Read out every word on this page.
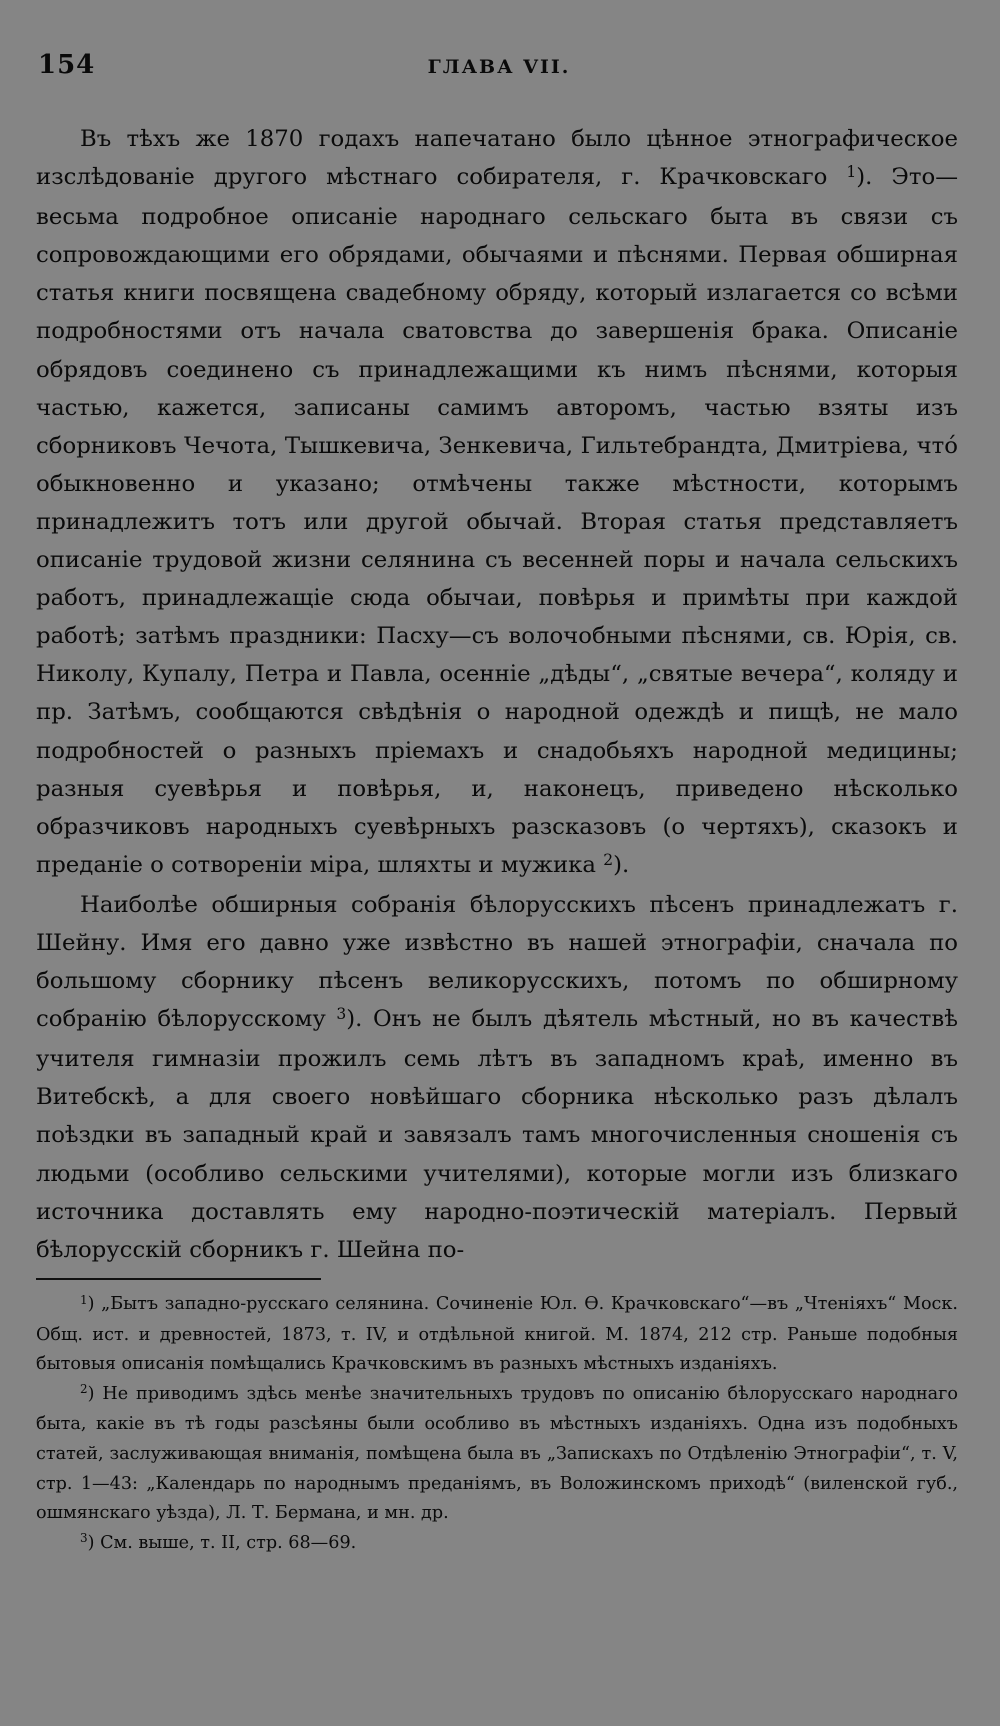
154	ГЛАВА VII.

Въ тѣхъ же 1870 годахъ напечатано было цѣнное этнографическое изслѣдованіе другого мѣстнаго собирателя, г. Крачковскаго $^1$). Это—весьма подробное описаніе народнаго сельскаго быта въ связи съ сопровождающими его обрядами, обычаями и пѣснями. Первая обширная статья книги посвящена свадебному обряду, который излагается со всѣми подробностями отъ начала сватовства до завершенія брака. Описаніе обрядовъ соединено съ принадлежащими къ нимъ пѣснями, которыя частью, кажется, записаны самимъ авторомъ, частью взяты изъ сборниковъ Чечота, Тышкевича, Зенкевича, Гильтебрандта, Дмитріева, что́ обыкновенно и указано; отмѣчены также мѣстности, которымъ принадлежитъ тотъ или другой обычай. Вторая статья представляетъ описаніе трудовой жизни селянина съ весенней поры и начала сельскихъ работъ, принадлежащіе сюда обычаи, повѣрья и примѣты при каждой работѣ; затѣмъ праздники: Пасху—съ волочобными пѣснями, св. Юрія, св. Николу, Купалу, Петра и Павла, осенніе „дѣды“, „святые вечера“, коляду и пр. Затѣмъ, сообщаются свѣдѣнія о народной одеждѣ и пищѣ, не мало подробностей о разныхъ пріемахъ и снадобьяхъ народной медицины; разныя суевѣрья и повѣрья, и, наконецъ, приведено нѣсколько образчиковъ народныхъ суевѣрныхъ разсказовъ (о чертяхъ), сказокъ и преданіе о сотвореніи міра, шляхты и мужика $^2$).

Наиболѣе обширныя собранія бѣлорусскихъ пѣсенъ принадлежатъ г. Шейну. Имя его давно уже извѣстно въ нашей этнографіи, сначала по большому сборнику пѣсенъ великорусскихъ, потомъ по обширному собранію бѣлорусскому $^3$). Онъ не былъ дѣятель мѣстный, но въ качествѣ учителя гимназіи прожилъ семь лѣтъ въ западномъ краѣ, именно въ Витебскѣ, а для своего новѣйшаго сборника нѣсколько разъ дѣлалъ поѣздки въ западный край и завязалъ тамъ многочисленныя сношенія съ людьми (особливо сельскими учителями), которые могли изъ близкаго источника доставлять ему народно-поэтическій матеріалъ. Первый бѣлорусскій сборникъ г. Шейна по-

$^1$) „Бытъ западно-русскаго селянина. Сочиненіе Юл. Ѳ. Крачковскаго“—въ „Чтеніяхъ“ Моск. Общ. ист. и древностей, 1873, т. IV, и отдѣльной книгой. М. 1874, 212 стр. Раньше подобныя бытовыя описанія помѣщались Крачковскимъ въ разныхъ мѣстныхъ изданіяхъ.

$^2$) Не приводимъ здѣсь менѣе значительныхъ трудовъ по описанію бѣлорусскаго народнаго быта, какіе въ тѣ годы разсѣяны были особливо въ мѣстныхъ изданіяхъ. Одна изъ подобныхъ статей, заслуживающая вниманія, помѣщена была въ „Запискахъ по Отдѣленію Этнографіи“, т. V, стр. 1—43: „Календарь по народнымъ преданіямъ, въ Воложинскомъ приходѣ“ (виленской губ., ошмянскаго уѣзда), Л. Т. Бермана, и мн. др.

$^3$) См. выше, т. II, стр. 68—69.
